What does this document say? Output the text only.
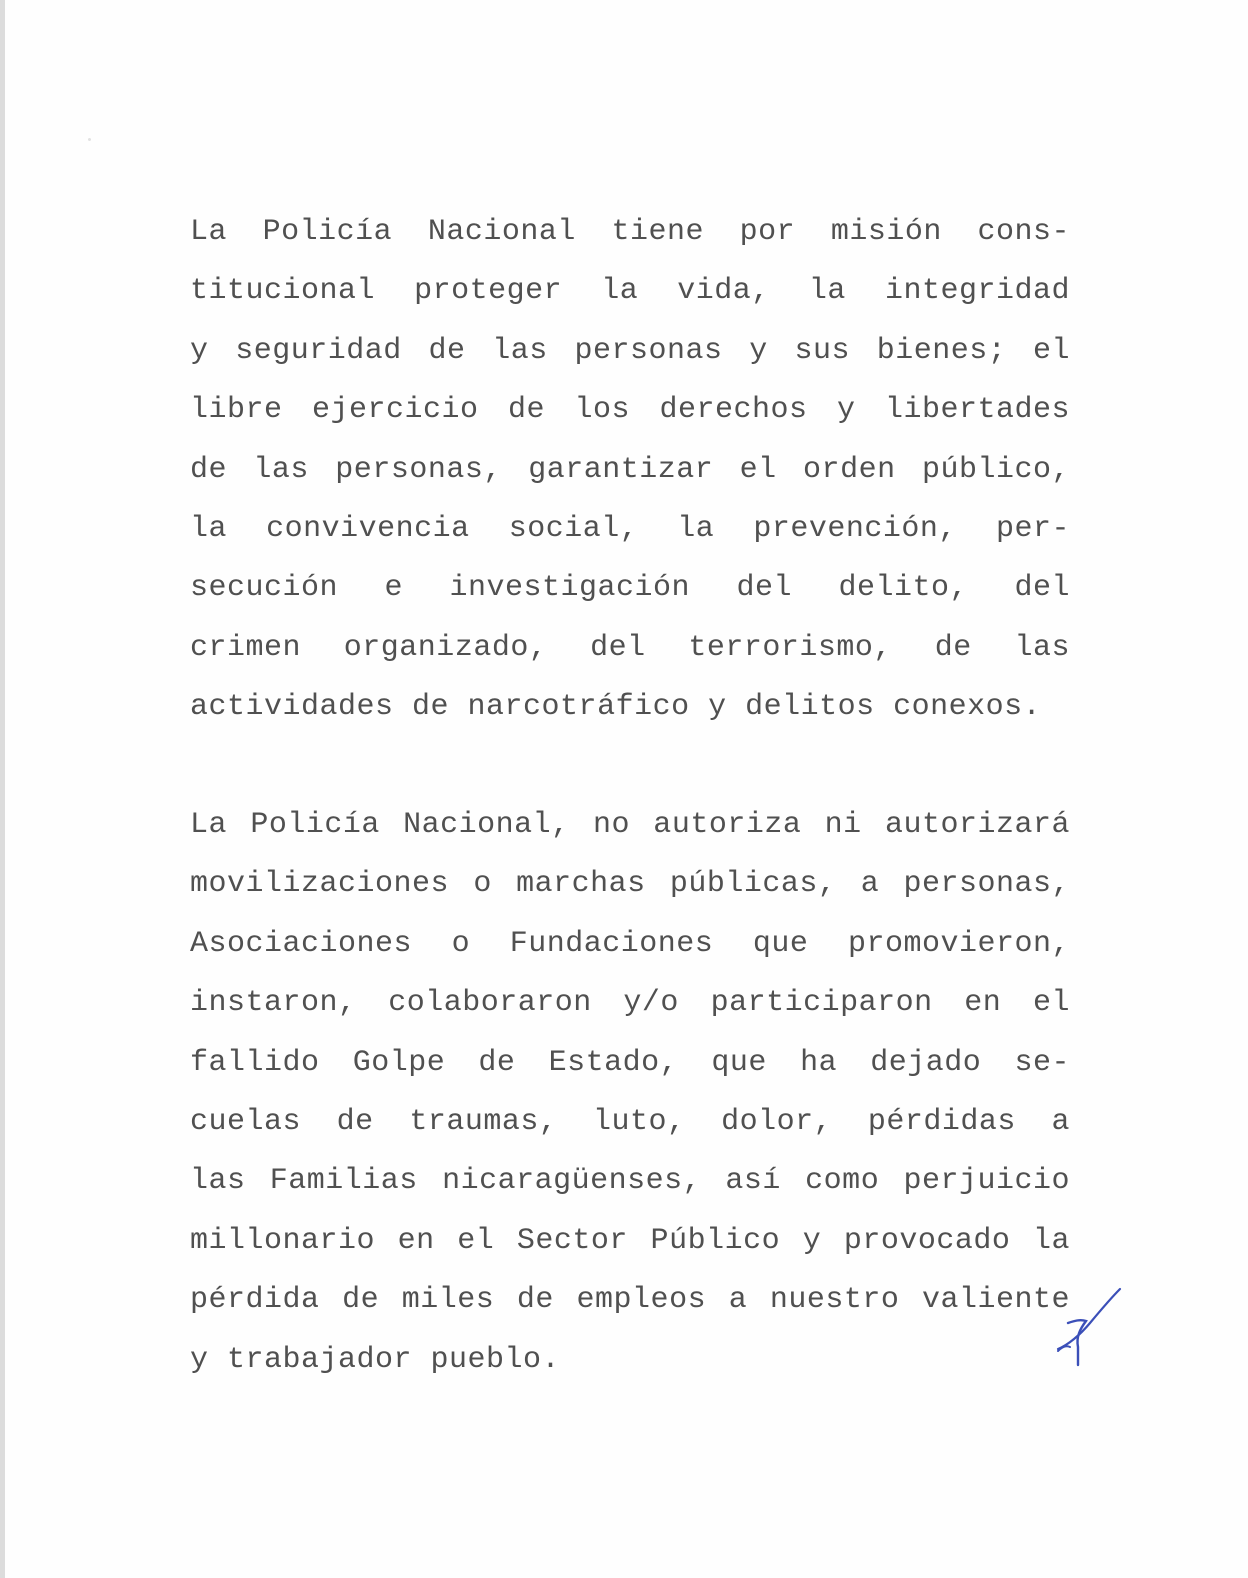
La Policía Nacional tiene por misión cons-
titucional proteger la vida, la integridad
y seguridad de las personas y sus bienes; el
libre ejercicio de los derechos y libertades
de las personas, garantizar el orden público,
la convivencia social, la prevención, per-
secución e investigación del delito, del
crimen organizado, del terrorismo, de las
actividades de narcotráfico y delitos conexos.
La Policía Nacional, no autoriza ni autorizará
movilizaciones o marchas públicas, a personas,
Asociaciones o Fundaciones que promovieron,
instaron, colaboraron y/o participaron en el
fallido Golpe de Estado, que ha dejado se-
cuelas de traumas, luto, dolor, pérdidas a
las Familias nicaragüenses, así como perjuicio
millonario en el Sector Público y provocado la
pérdida de miles de empleos a nuestro valiente
y trabajador pueblo.
